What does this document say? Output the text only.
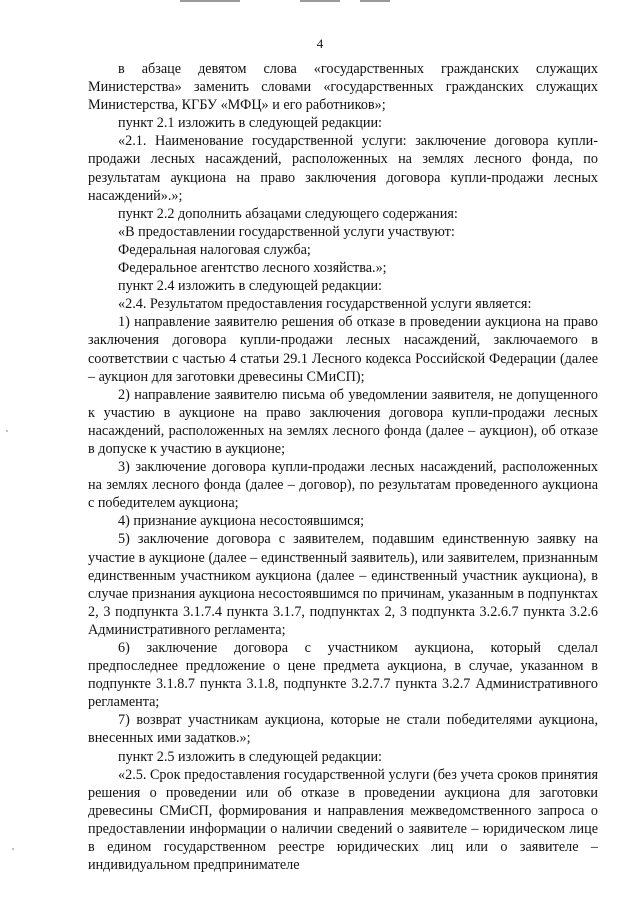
4

в абзаце девятом слова «государственных гражданских служащих Министерства» заменить словами «государственных гражданских служащих Министерства, КГБУ «МФЦ» и его работников»;

пункт 2.1 изложить в следующей редакции:

«2.1. Наименование государственной услуги: заключение договора купли-продажи лесных насаждений, расположенных на землях лесного фонда, по результатам аукциона на право заключения договора купли-продажи лесных насаждений».»;

пункт 2.2 дополнить абзацами следующего содержания:

«В предоставлении государственной услуги участвуют:

Федеральная налоговая служба;

Федеральное агентство лесного хозяйства.»;

пункт 2.4 изложить в следующей редакции:

«2.4. Результатом предоставления государственной услуги является:

1) направление заявителю решения об отказе в проведении аукциона на право заключения договора купли-продажи лесных насаждений, заключаемого в соответствии с частью 4 статьи 29.1 Лесного кодекса Российской Федерации (далее – аукцион для заготовки древесины СМиСП);

2) направление заявителю письма об уведомлении заявителя, не допущенного к участию в аукционе на право заключения договора купли-продажи лесных насаждений, расположенных на землях лесного фонда (далее – аукцион), об отказе в допуске к участию в аукционе;

3) заключение договора купли-продажи лесных насаждений, расположенных на землях лесного фонда (далее – договор), по результатам проведенного аукциона с победителем аукциона;

4) признание аукциона несостоявшимся;

5) заключение договора с заявителем, подавшим единственную заявку на участие в аукционе (далее – единственный заявитель), или заявителем, признанным единственным участником аукциона (далее – единственный участник аукциона), в случае признания аукциона несостоявшимся по причинам, указанным в подпунктах 2, 3 подпункта 3.1.7.4 пункта 3.1.7, подпунктах 2, 3 подпункта 3.2.6.7 пункта 3.2.6 Административного регламента;

6) заключение договора с участником аукциона, который сделал предпоследнее предложение о цене предмета аукциона, в случае, указанном в подпункте 3.1.8.7 пункта 3.1.8, подпункте 3.2.7.7 пункта 3.2.7 Административного регламента;

7) возврат участникам аукциона, которые не стали победителями аукциона, внесенных ими задатков.»;

пункт 2.5 изложить в следующей редакции:

«2.5. Срок предоставления государственной услуги (без учета сроков принятия решения о проведении или об отказе в проведении аукциона для заготовки древесины СМиСП, формирования и направления межведомственного запроса о предоставлении информации о наличии сведений о заявителе – юридическом лице в едином государственном реестре юридических лиц или о заявителе – индивидуальном предпринимателе
